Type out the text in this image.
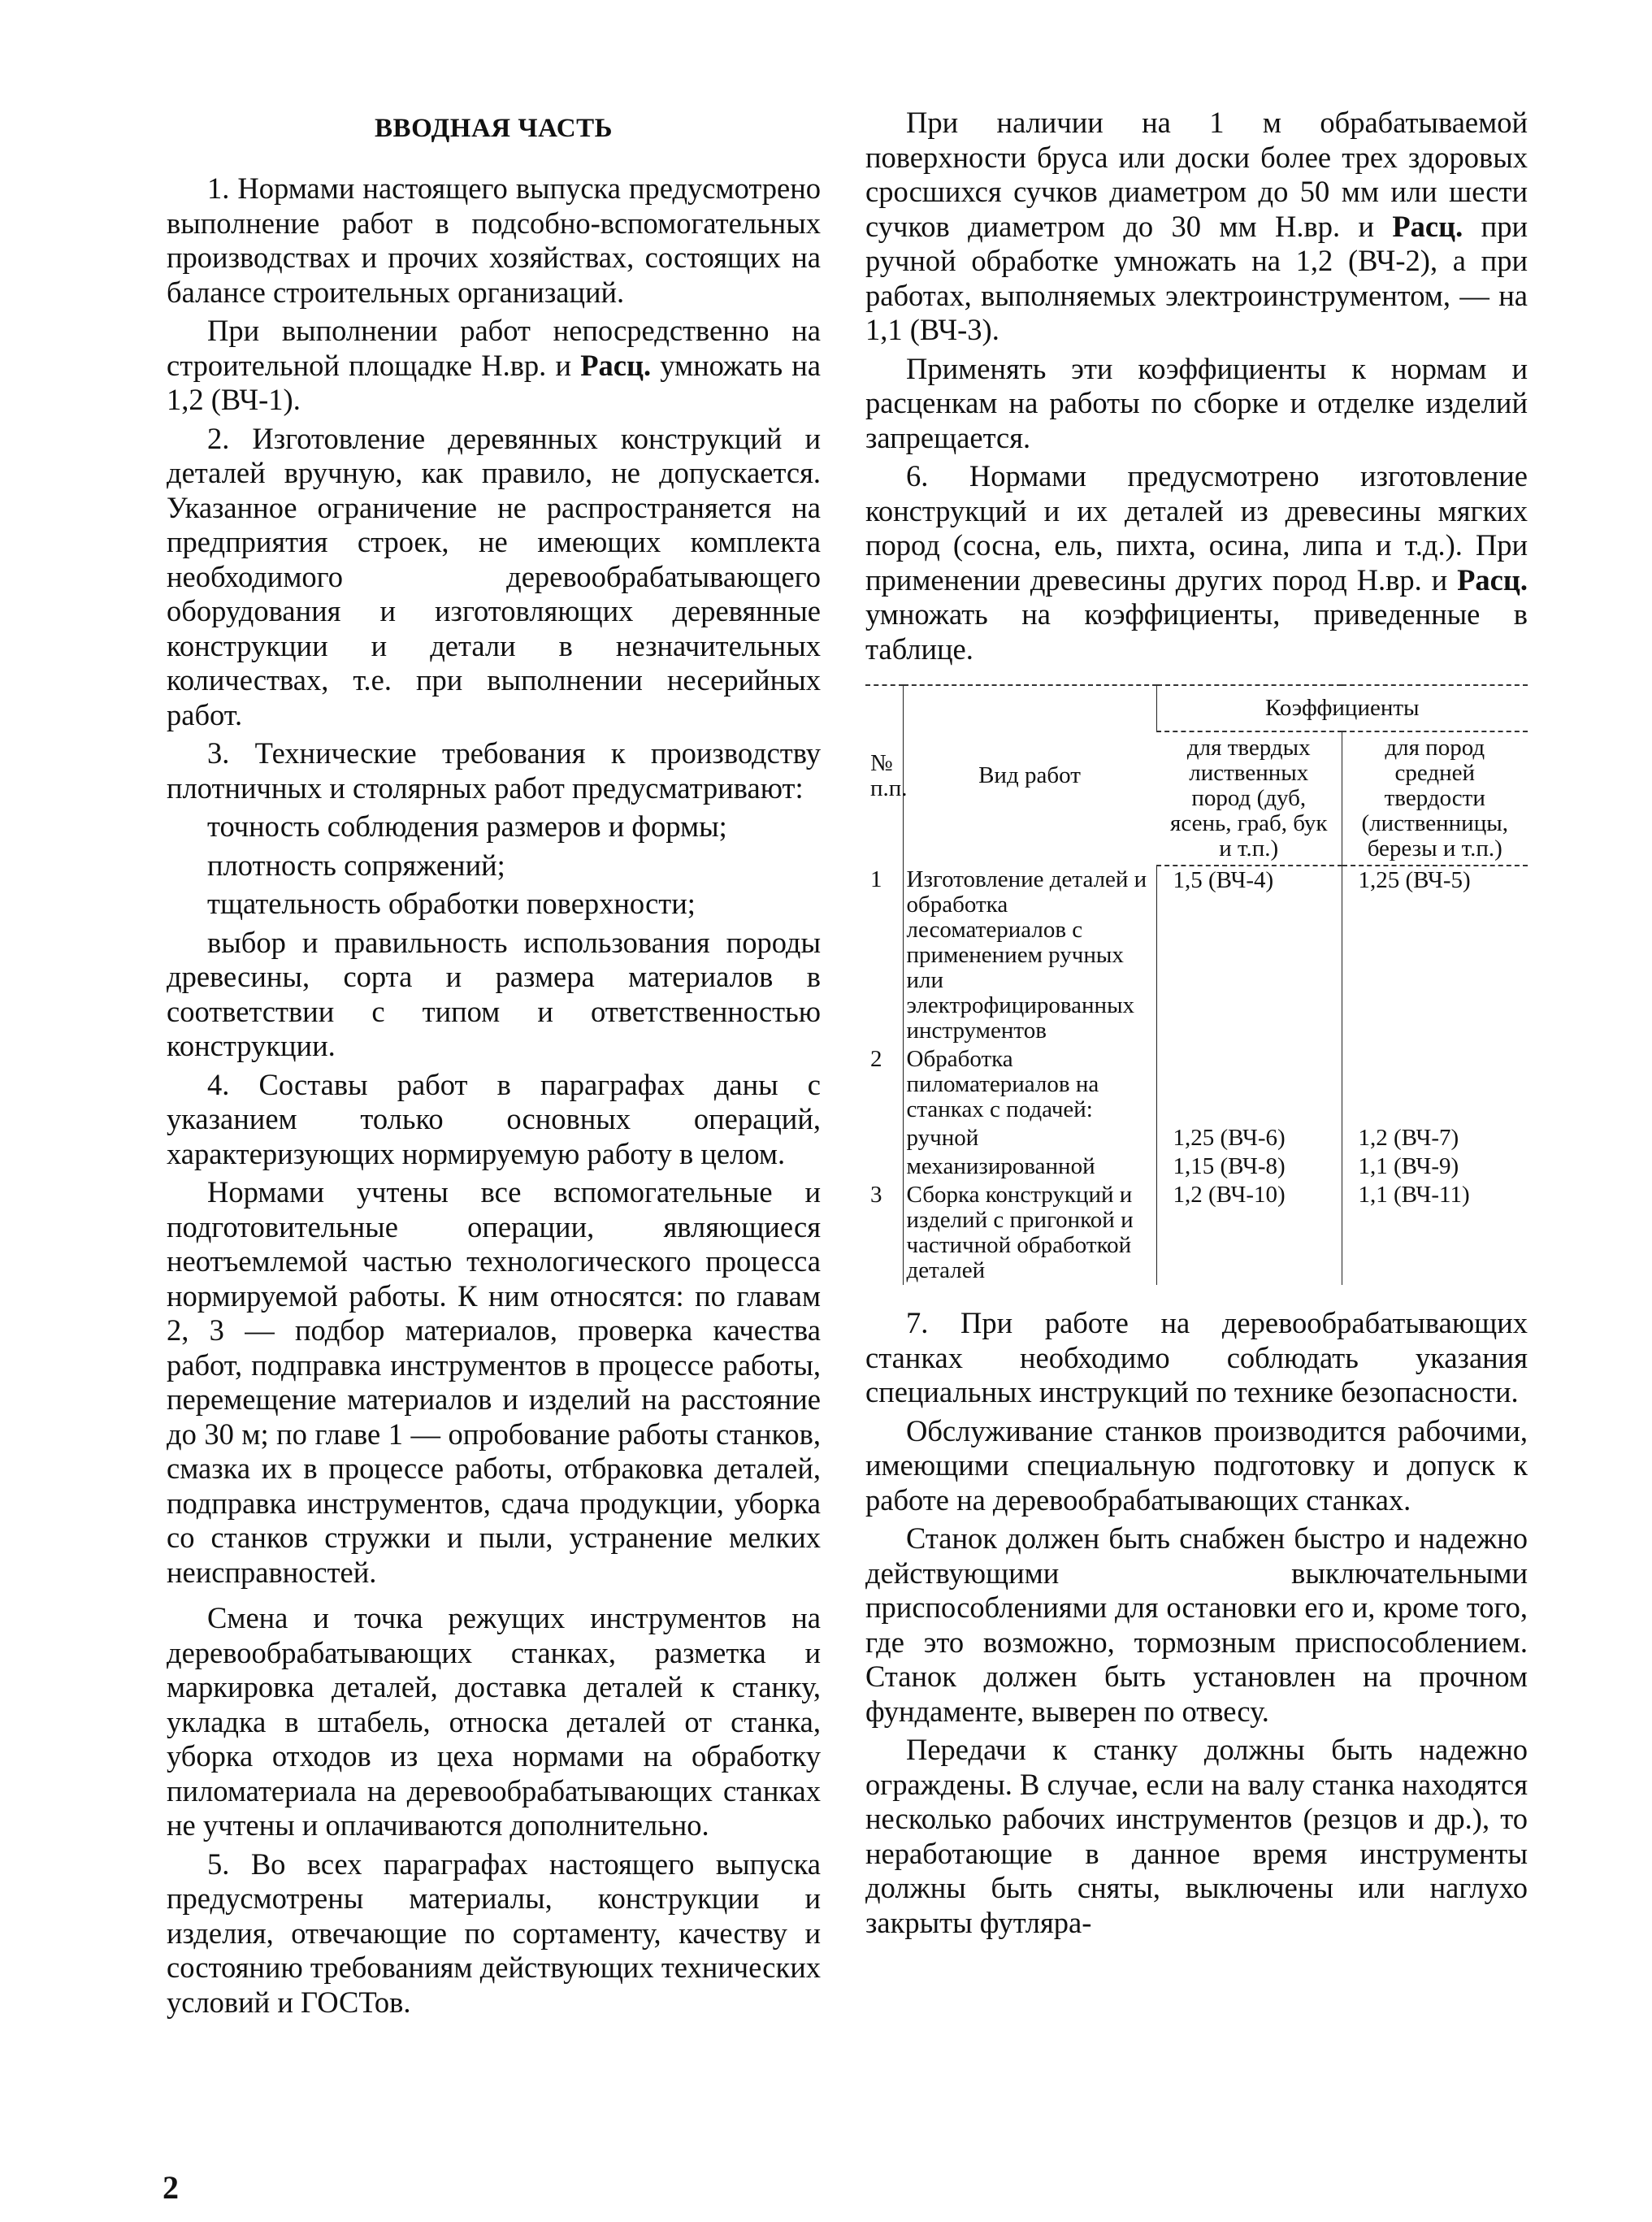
ВВОДНАЯ ЧАСТЬ

1. Нормами настоящего выпуска предусмотрено выполнение работ в подсобно-вспомогательных производствах и прочих хозяйствах, состоящих на балансе строительных организаций.

При выполнении работ непосредственно на строительной площадке Н.вр. и Расц. умножать на 1,2 (ВЧ-1).

2. Изготовление деревянных конструкций и деталей вручную, как правило, не допускается. Указанное ограничение не распространяется на предприятия строек, не имеющих комплекта необходимого деревообрабатывающего оборудования и изготовляющих деревянные конструкции и детали в незначительных количествах, т.е. при выполнении несерийных работ.

3. Технические требования к производству плотничных и столярных работ предусматривают:

точность соблюдения размеров и формы;

плотность сопряжений;

тщательность обработки поверхности;

выбор и правильность использования породы древесины, сорта и размера материалов в соответствии с типом и ответственностью конструкции.

4. Составы работ в параграфах даны с указанием только основных операций, характеризующих нормируемую работу в целом.

Нормами учтены все вспомогательные и подготовительные операции, являющиеся неотъемлемой частью технологического процесса нормируемой работы. К ним относятся: по главам 2, 3 — подбор материалов, проверка качества работ, подправка инструментов в процессе работы, перемещение материалов и изделий на расстояние до 30 м; по главе 1 — опробование работы станков, смазка их в процессе работы, отбраковка деталей, подправка инструментов, сдача продукции, уборка со станков стружки и пыли, устранение мелких неисправностей.

Смена и точка режущих инструментов на деревообрабатывающих станках, разметка и маркировка деталей, доставка деталей к станку, укладка в штабель, относка деталей от станка, уборка отходов из цеха нормами на обработку пиломатериала на деревообрабатывающих станках не учтены и оплачиваются дополнительно.

5. Во всех параграфах настоящего выпуска предусмотрены материалы, конструкции и изделия, отвечающие по сортаменту, качеству и состоянию требованиям действующих технических условий и ГОСТов.

При наличии на 1 м обрабатываемой поверхности бруса или доски более трех здоровых сросшихся сучков диаметром до 50 мм или шести сучков диаметром до 30 мм Н.вр. и Расц. при ручной обработке умножать на 1,2 (ВЧ-2), а при работах, выполняемых электроинструментом, — на 1,1 (ВЧ-3).

Применять эти коэффициенты к нормам и расценкам на работы по сборке и отделке изделий запрещается.

6. Нормами предусмотрено изготовление конструкций и их деталей из древесины мягких пород (сосна, ель, пихта, осина, липа и т.д.). При применении древесины других пород Н.вр. и Расц. умножать на коэффициенты, приведенные в таблице.

№ п.п.	Вид работ	Коэффициенты	
		для твердых лиственных пород (дуб, ясень, граб, бук и т.п.)	для пород средней твердости (лиственницы, березы и т.п.)
1	Изготовление деталей и обработка лесоматериалов с применением ручных или электрофицированных инструментов	1,5 (ВЧ-4)	1,25 (ВЧ-5)
2	Обработка пиломатериалов на станках с подачей:		
	ручной	1,25 (ВЧ-6)	1,2 (ВЧ-7)
	механизированной	1,15 (ВЧ-8)	1,1 (ВЧ-9)
3	Сборка конструкций и изделий с пригонкой и частичной обработкой деталей	1,2 (ВЧ-10)	1,1 (ВЧ-11)

7. При работе на деревообрабатывающих станках необходимо соблюдать указания специальных инструкций по технике безопасности.

Обслуживание станков производится рабочими, имеющими специальную подготовку и допуск к работе на деревообрабатывающих станках.

Станок должен быть снабжен быстро и надежно действующими выключательными приспособлениями для остановки его и, кроме того, где это возможно, тормозным приспособлением. Станок должен быть установлен на прочном фундаменте, выверен по отвесу.

Передачи к станку должны быть надежно ограждены. В случае, если на валу станка находятся несколько рабочих инструментов (резцов и др.), то неработающие в данное время инструменты должны быть сняты, выключены или наглухо закрыты футляра-

2
